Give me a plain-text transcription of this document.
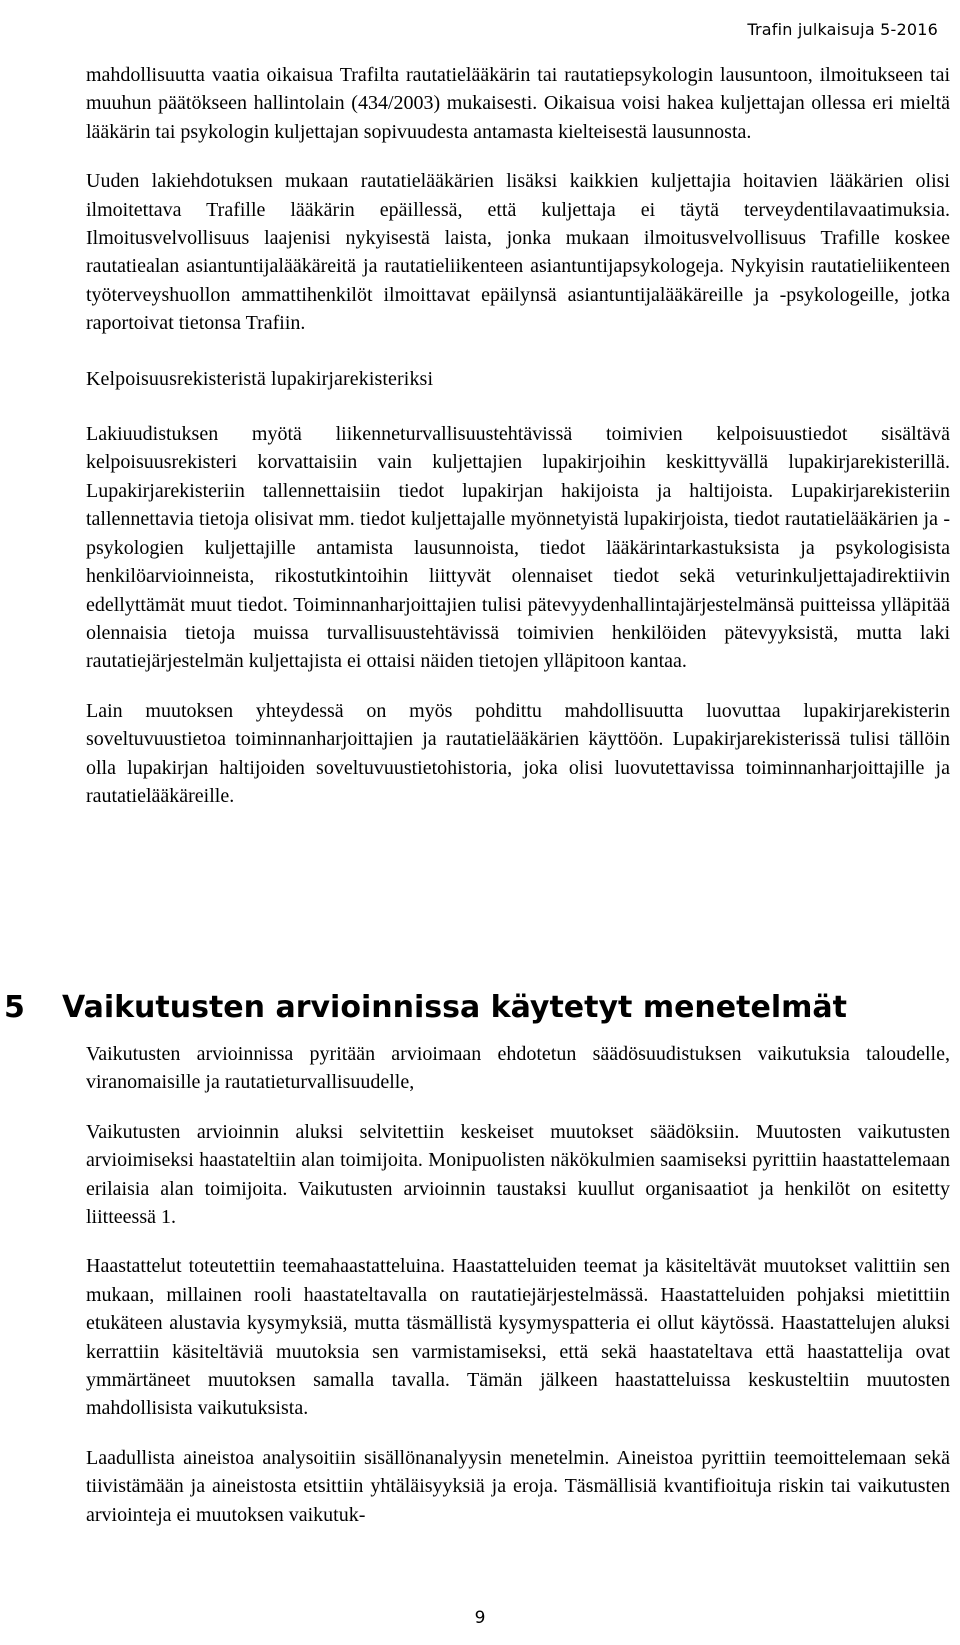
Trafin julkaisuja 5-2016

mahdollisuutta vaatia oikaisua Trafilta rautatielääkärin tai rautatiepsykologin lausuntoon, ilmoitukseen tai muuhun päätökseen hallintolain (434/2003) mukaisesti. Oikaisua voisi hakea kuljettajan ollessa eri mieltä lääkärin tai psykologin kuljettajan sopivuudesta antamasta kielteisestä lausunnosta.

Uuden lakiehdotuksen mukaan rautatielääkärien lisäksi kaikkien kuljettajia hoitavien lääkärien olisi ilmoitettava Trafille lääkärin epäillessä, että kuljettaja ei täytä terveydentilavaatimuksia. Ilmoitusvelvollisuus laajenisi nykyisestä laista, jonka mukaan ilmoitusvelvollisuus Trafille koskee rautatiealan asiantuntijalääkäreitä ja rautatieliikenteen asiantuntijapsykologeja. Nykyisin rautatieliikenteen työterveyshuollon ammattihenkilöt ilmoittavat epäilynsä asiantuntijalääkäreille ja -psykologeille, jotka raportoivat tietonsa Trafiin.

Kelpoisuusrekisteristä lupakirjarekisteriksi

Lakiuudistuksen myötä liikenneturvallisuustehtävissä toimivien kelpoisuustiedot sisältävä kelpoisuusrekisteri korvattaisiin vain kuljettajien lupakirjoihin keskittyvällä lupakirjarekisterillä. Lupakirjarekisteriin tallennettaisiin tiedot lupakirjan hakijoista ja haltijoista. Lupakirjarekisteriin tallennettavia tietoja olisivat mm. tiedot kuljettajalle myönnetyistä lupakirjoista, tiedot rautatielääkärien ja -psykologien kuljettajille antamista lausunnoista, tiedot lääkärintarkastuksista ja psykologisista henkilöarvioinneista, rikostutkintoihin liittyvät olennaiset tiedot sekä veturinkuljettajadirektiivin edellyttämät muut tiedot. Toiminnanharjoittajien tulisi pätevyydenhallintajärjestelmänsä puitteissa ylläpitää olennaisia tietoja muissa turvallisuustehtävissä toimivien henkilöiden pätevyyksistä, mutta laki rautatiejärjestelmän kuljettajista ei ottaisi näiden tietojen ylläpitoon kantaa.

Lain muutoksen yhteydessä on myös pohdittu mahdollisuutta luovuttaa lupakirjarekisterin soveltuvuustietoa toiminnanharjoittajien ja rautatielääkärien käyttöön. Lupakirjarekisterissä tulisi tällöin olla lupakirjan haltijoiden soveltuvuustietohistoria, joka olisi luovutettavissa toiminnanharjoittajille ja rautatielääkäreille.

5 Vaikutusten arvioinnissa käytetyt menetelmät

Vaikutusten arvioinnissa pyritään arvioimaan ehdotetun säädösuudistuksen vaikutuksia taloudelle, viranomaisille ja rautatieturvallisuudelle,

Vaikutusten arvioinnin aluksi selvitettiin keskeiset muutokset säädöksiin. Muutosten vaikutusten arvioimiseksi haastateltiin alan toimijoita. Monipuolisten näkökulmien saamiseksi pyrittiin haastattelemaan erilaisia alan toimijoita. Vaikutusten arvioinnin taustaksi kuullut organisaatiot ja henkilöt on esitetty liitteessä 1.

Haastattelut toteutettiin teemahaastatteluina. Haastatteluiden teemat ja käsiteltävät muutokset valittiin sen mukaan, millainen rooli haastateltavalla on rautatiejärjestelmässä. Haastatteluiden pohjaksi mietittiin etukäteen alustavia kysymyksiä, mutta täsmällistä kysymyspatteria ei ollut käytössä. Haastattelujen aluksi kerrattiin käsiteltäviä muutoksia sen varmistamiseksi, että sekä haastateltava että haastattelija ovat ymmärtäneet muutoksen samalla tavalla. Tämän jälkeen haastatteluissa keskusteltiin muutosten mahdollisista vaikutuksista.

Laadullista aineistoa analysoitiin sisällönanalyysin menetelmin. Aineistoa pyrittiin teemoittelemaan sekä tiivistämään ja aineistosta etsittiin yhtäläisyyksiä ja eroja. Täsmällisiä kvantifioituja riskin tai vaikutusten arviointeja ei muutoksen vaikutuk-

9
